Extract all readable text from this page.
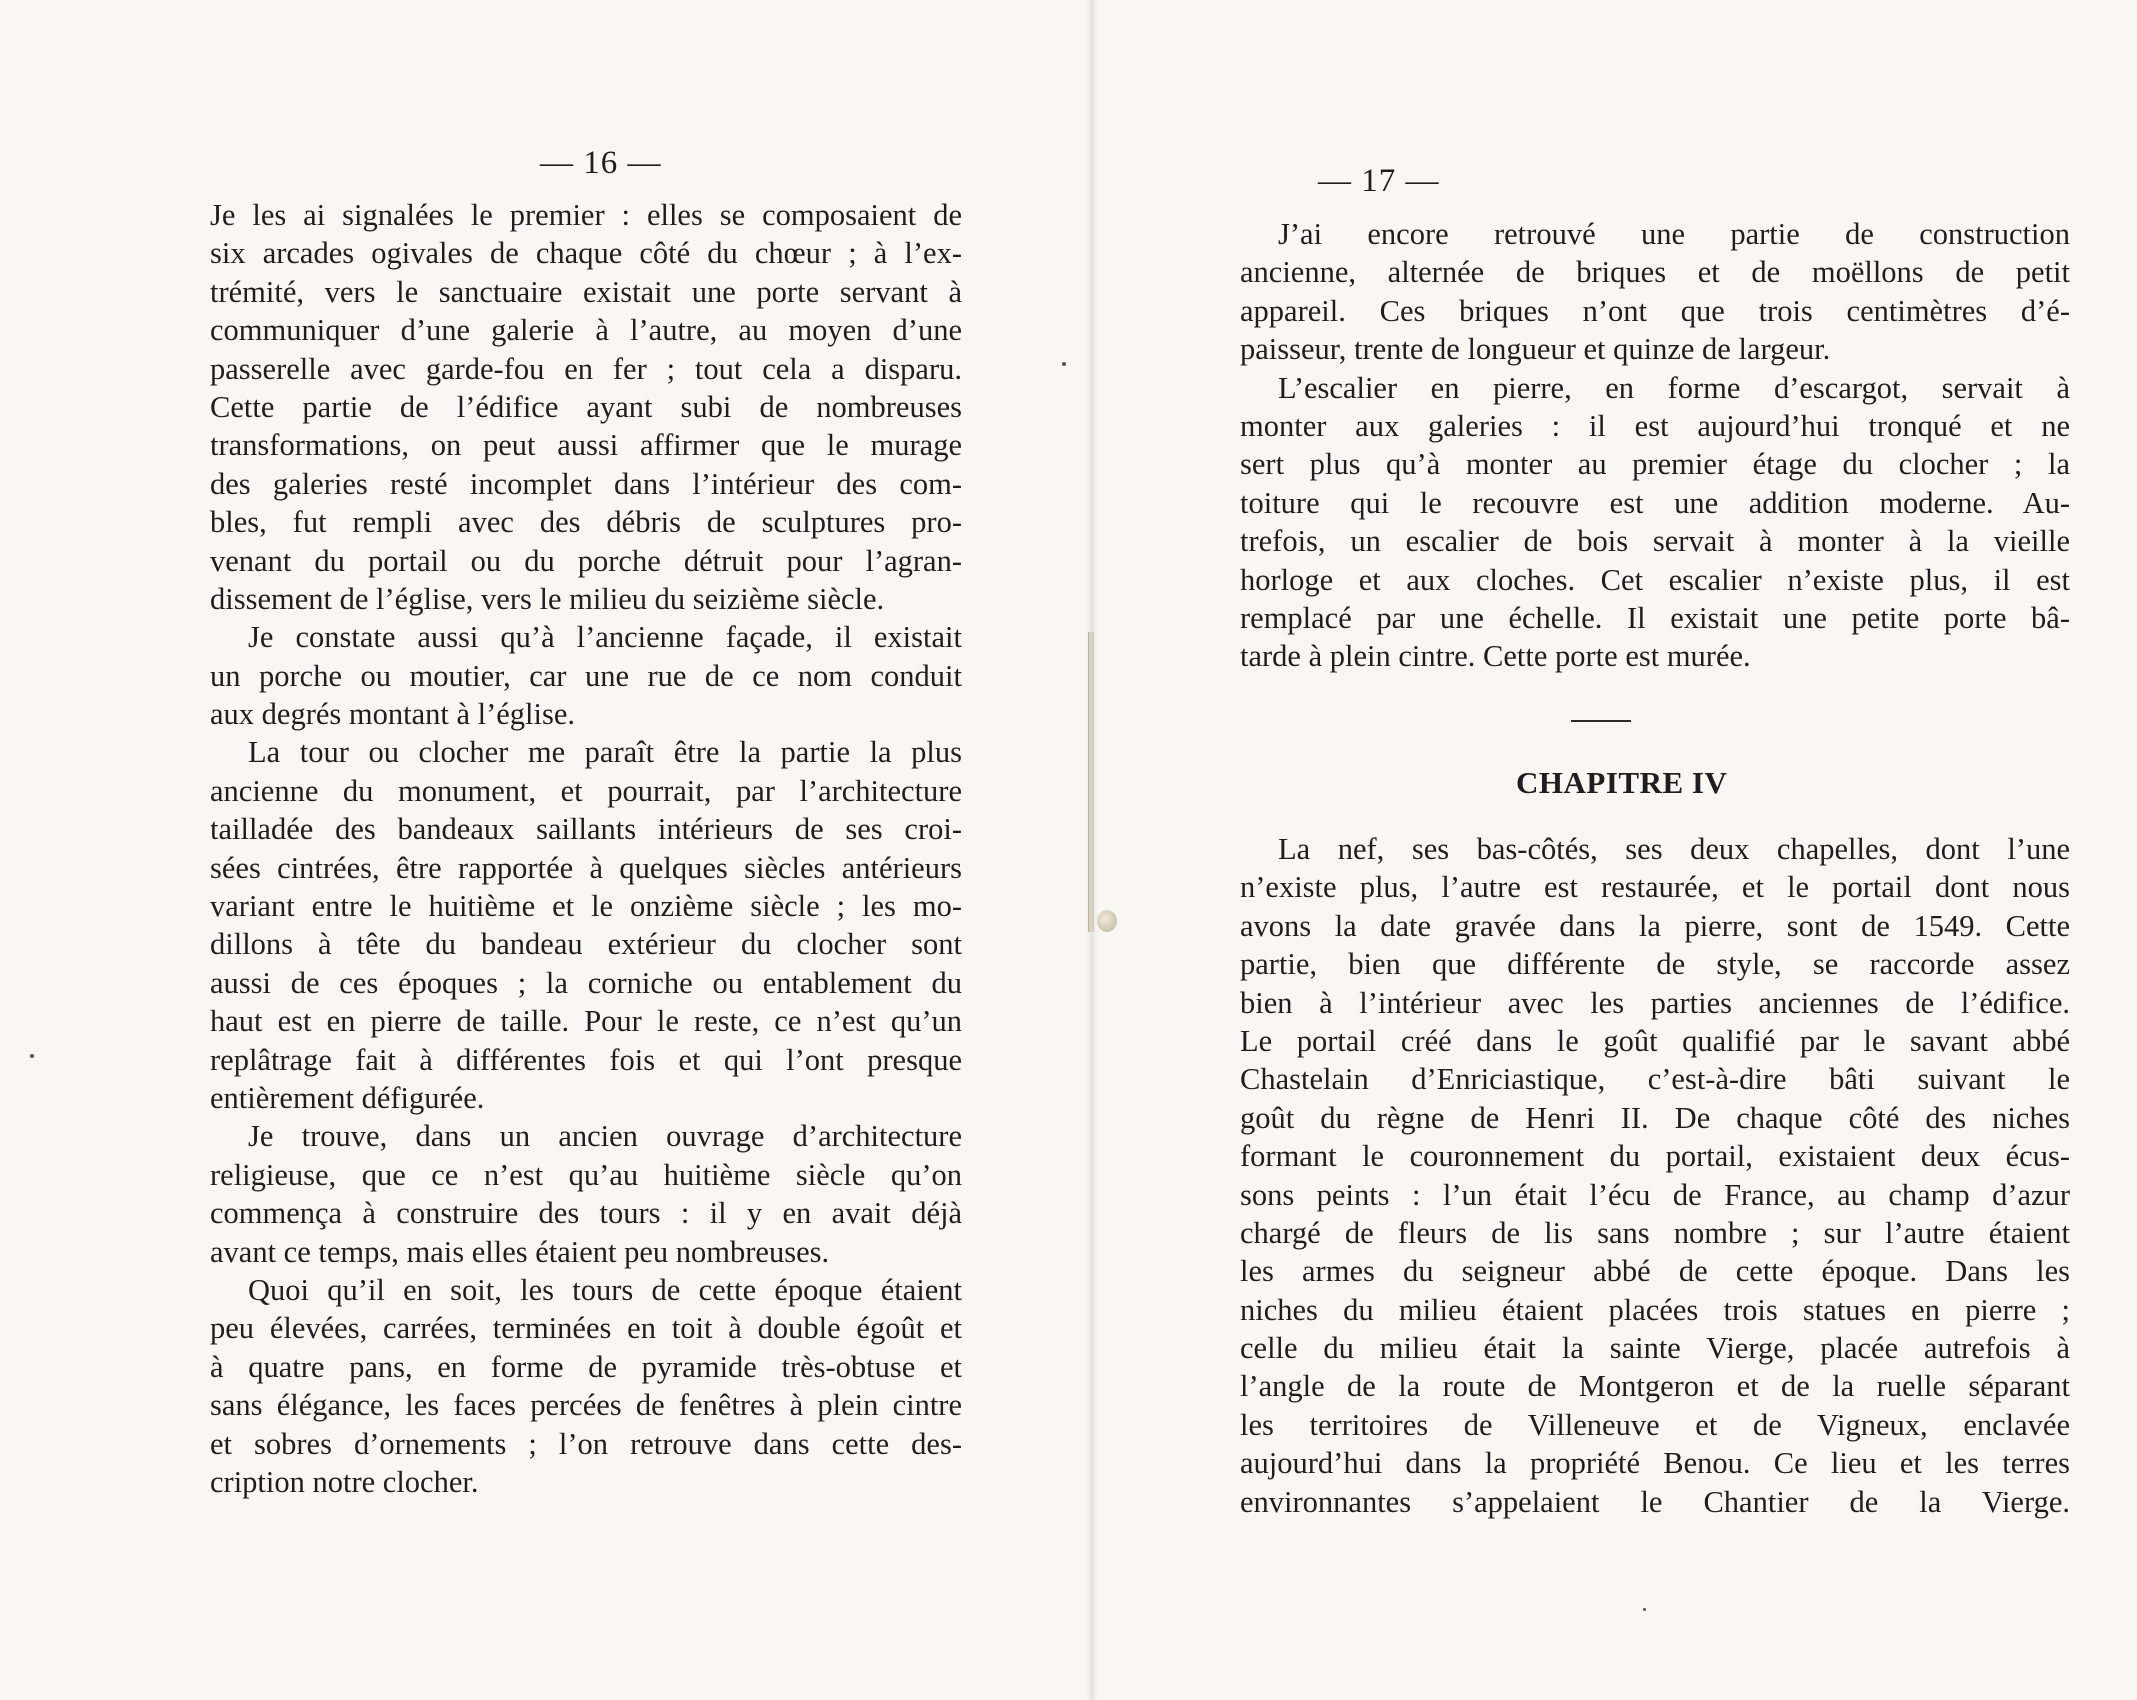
— 16 —
Je les ai signalées le premier : elles se composaient de
six arcades ogivales de chaque côté du chœur ; à l’ex-
trémité, vers le sanctuaire existait une porte servant à
communiquer d’une galerie à l’autre, au moyen d’une
passerelle avec garde-fou en fer ; tout cela a disparu.
Cette partie de l’édifice ayant subi de nombreuses
transformations, on peut aussi affirmer que le murage
des galeries resté incomplet dans l’intérieur des com-
bles, fut rempli avec des débris de sculptures pro-
venant du portail ou du porche détruit pour l’agran-
dissement de l’église, vers le milieu du seizième siècle.
Je constate aussi qu’à l’ancienne façade, il existait
un porche ou moutier, car une rue de ce nom conduit
aux degrés montant à l’église.
La tour ou clocher me paraît être la partie la plus
ancienne du monument, et pourrait, par l’architecture
tailladée des bandeaux saillants intérieurs de ses croi-
sées cintrées, être rapportée à quelques siècles antérieurs
variant entre le huitième et le onzième siècle ; les mo-
dillons à tête du bandeau extérieur du clocher sont
aussi de ces époques ; la corniche ou entablement du
haut est en pierre de taille. Pour le reste, ce n’est qu’un
replâtrage fait à différentes fois et qui l’ont presque
entièrement défigurée.
Je trouve, dans un ancien ouvrage d’architecture
religieuse, que ce n’est qu’au huitième siècle qu’on
commença à construire des tours : il y en avait déjà
avant ce temps, mais elles étaient peu nombreuses.
Quoi qu’il en soit, les tours de cette époque étaient
peu élevées, carrées, terminées en toit à double égoût et
à quatre pans, en forme de pyramide très-obtuse et
sans élégance, les faces percées de fenêtres à plein cintre
et sobres d’ornements ; l’on retrouve dans cette des-
cription notre clocher.
— 17 —
J’ai encore retrouvé une partie de construction
ancienne, alternée de briques et de moëllons de petit
appareil. Ces briques n’ont que trois centimètres d’é-
paisseur, trente de longueur et quinze de largeur.
L’escalier en pierre, en forme d’escargot, servait à
monter aux galeries : il est aujourd’hui tronqué et ne
sert plus qu’à monter au premier étage du clocher ; la
toiture qui le recouvre est une addition moderne. Au-
trefois, un escalier de bois servait à monter à la vieille
horloge et aux cloches. Cet escalier n’existe plus, il est
remplacé par une échelle. Il existait une petite porte bâ-
tarde à plein cintre. Cette porte est murée.
La nef, ses bas-côtés, ses deux chapelles, dont l’une
n’existe plus, l’autre est restaurée, et le portail dont nous
avons la date gravée dans la pierre, sont de 1549. Cette
partie, bien que différente de style, se raccorde assez
bien à l’intérieur avec les parties anciennes de l’édifice.
Le portail créé dans le goût qualifié par le savant abbé
Chastelain d’Enriciastique, c’est-à-dire bâti suivant le
goût du règne de Henri II. De chaque côté des niches
formant le couronnement du portail, existaient deux écus-
sons peints : l’un était l’écu de France, au champ d’azur
chargé de fleurs de lis sans nombre ; sur l’autre étaient
les armes du seigneur abbé de cette époque. Dans les
niches du milieu étaient placées trois statues en pierre ;
celle du milieu était la sainte Vierge, placée autrefois à
l’angle de la route de Montgeron et de la ruelle séparant
les territoires de Villeneuve et de Vigneux, enclavée
aujourd’hui dans la propriété Benou. Ce lieu et les terres
environnantes s’appelaient le Chantier de la Vierge.
CHAPITRE IV
